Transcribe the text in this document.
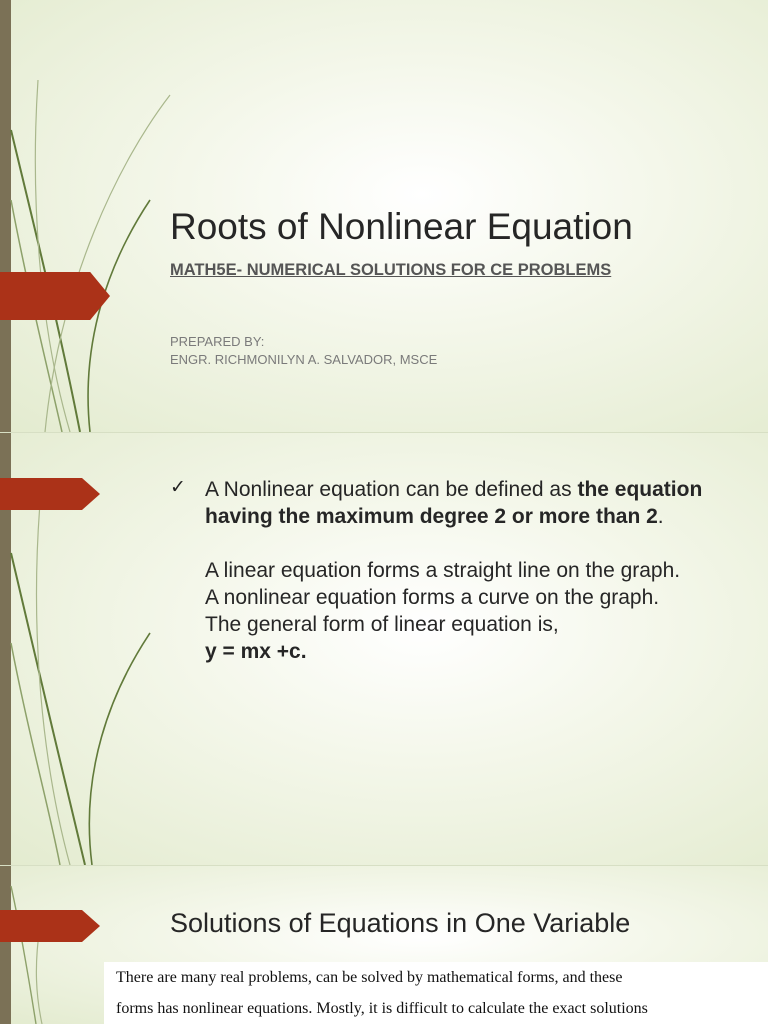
Roots of Nonlinear Equation
MATH5E- NUMERICAL SOLUTIONS FOR CE PROBLEMS
PREPARED BY:
ENGR. RICHMONILYN A. SALVADOR, MSCE
✓ A Nonlinear equation can be defined as the equation having the maximum degree 2 or more than 2.

A linear equation forms a straight line on the graph.

A nonlinear equation forms a curve on the graph.

The general form of linear equation is,

y = mx +c.

Solutions of Equations in One Variable

There are many real problems, can be solved by mathematical forms, and these

forms has nonlinear equations. Mostly, it is difficult to calculate the exact solutions
